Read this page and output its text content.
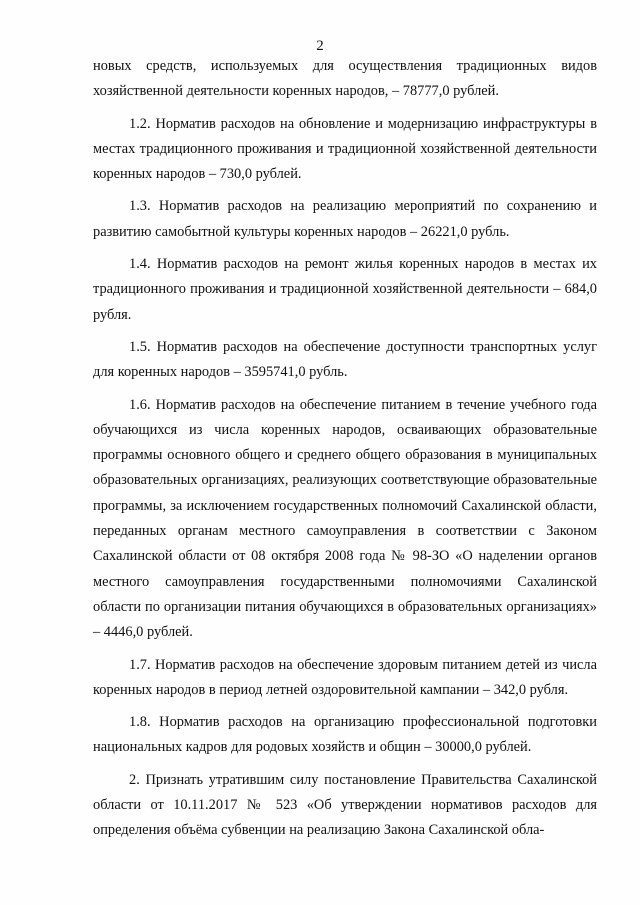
2

новых средств, используемых для осуществления традиционных видов хозяйственной деятельности коренных народов, – 78777,0 рублей.

1.2. Норматив расходов на обновление и модернизацию инфраструктуры в местах традиционного проживания и традиционной хозяйственной деятельности коренных народов – 730,0 рублей.

1.3. Норматив расходов на реализацию мероприятий по сохранению и развитию самобытной культуры коренных народов – 26221,0 рубль.

1.4. Норматив расходов на ремонт жилья коренных народов в местах их традиционного проживания и традиционной хозяйственной деятельности – 684,0 рубля.

1.5. Норматив расходов на обеспечение доступности транспортных услуг для коренных народов – 3595741,0 рубль.

1.6. Норматив расходов на обеспечение питанием в течение учебного года обучающихся из числа коренных народов, осваивающих образовательные программы основного общего и среднего общего образования в муниципальных образовательных организациях, реализующих соответствующие образовательные программы, за исключением государственных полномочий Сахалинской области, переданных органам местного самоуправления в соответствии с Законом Сахалинской области от 08 октября 2008 года № 98-ЗО «О наделении органов местного самоуправления государственными полномочиями Сахалинской области по организации питания обучающихся в образовательных организациях» – 4446,0 рублей.

1.7. Норматив расходов на обеспечение здоровым питанием детей из числа коренных народов в период летней оздоровительной кампании – 342,0 рубля.

1.8. Норматив расходов на организацию профессиональной подготовки национальных кадров для родовых хозяйств и общин – 30000,0 рублей.

2. Признать утратившим силу постановление Правительства Сахалинской области от 10.11.2017 № 523 «Об утверждении нормативов расходов для определения объёма субвенции на реализацию Закона Сахалинской обла-
